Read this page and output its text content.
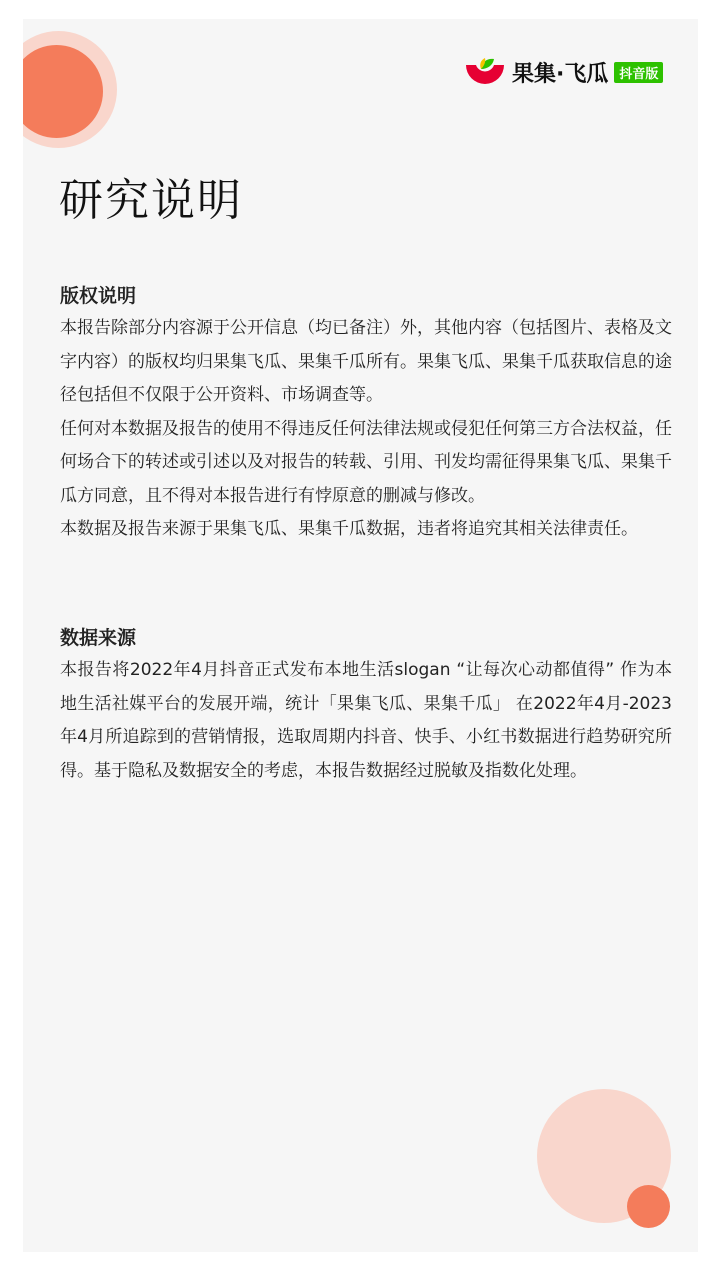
果集·飞瓜 抖音版
研究说明
版权说明

本报告除部分内容源于公开信息（均已备注）外，其他内容（包括图片、表格及文字内容）的版权均归果集飞瓜、果集千瓜所有。果集飞瓜、果集千瓜获取信息的途径包括但不仅限于公开资料、市场调查等。

任何对本数据及报告的使用不得违反任何法律法规或侵犯任何第三方合法权益，任何场合下的转述或引述以及对报告的转载、引用、刊发均需征得果集飞瓜、果集千瓜方同意，且不得对本报告进行有悖原意的删减与修改。

本数据及报告来源于果集飞瓜、果集千瓜数据，违者将追究其相关法律责任。

数据来源

本报告将2022年4月抖音正式发布本地生活slogan “让每次心动都值得” 作为本地生活社媒平台的发展开端，统计「果集飞瓜、果集千瓜」 在2022年4月-2023年4月所追踪到的营销情报，选取周期内抖音、快手、小红书数据进行趋势研究所得。基于隐私及数据安全的考虑，本报告数据经过脱敏及指数化处理。
